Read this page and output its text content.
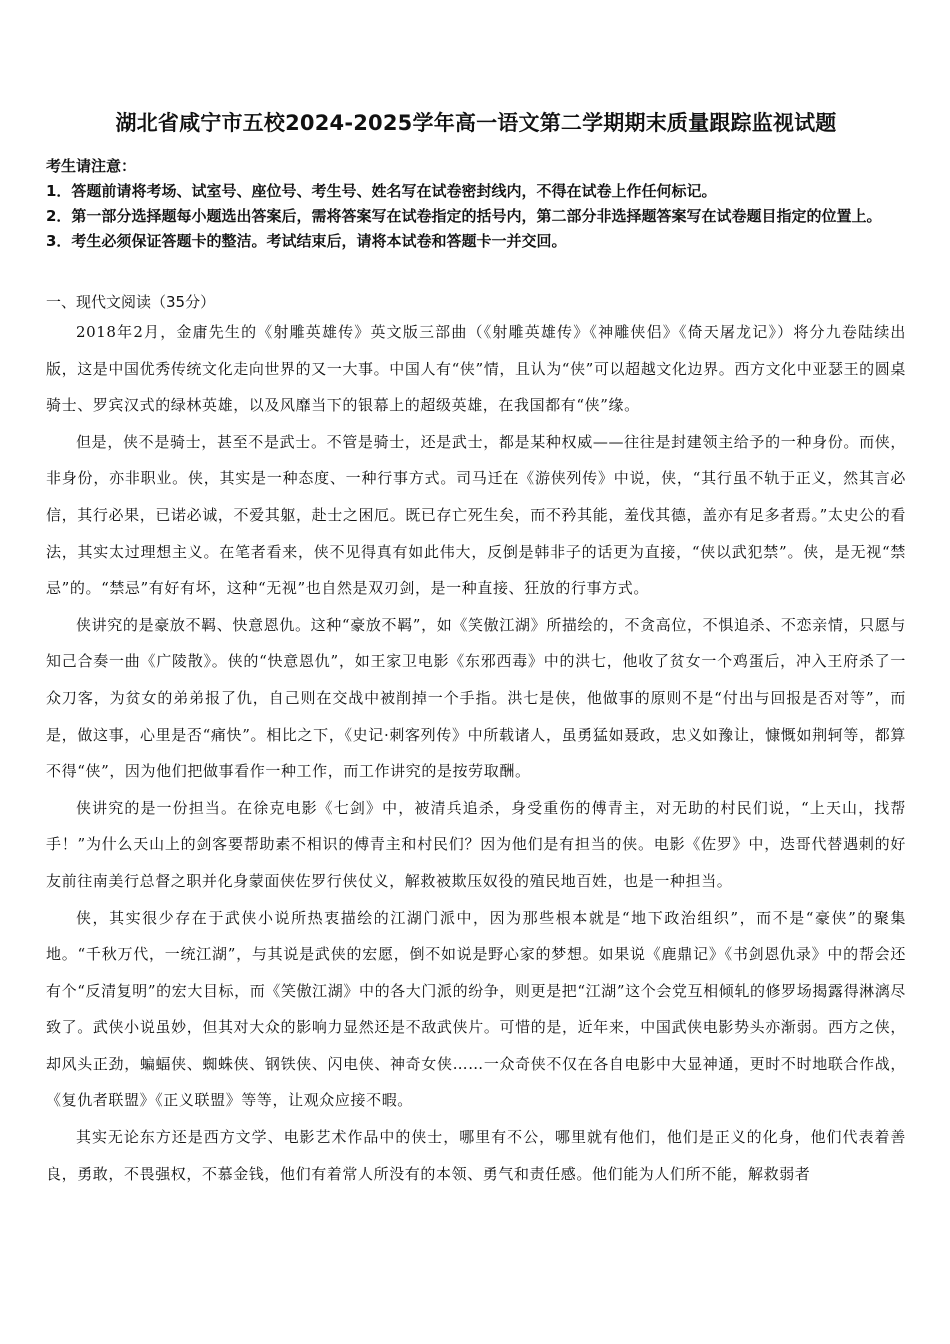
湖北省咸宁市五校2024-2025学年高一语文第二学期期末质量跟踪监视试题

考生请注意：

1．答题前请将考场、试室号、座位号、考生号、姓名写在试卷密封线内，不得在试卷上作任何标记。

2．第一部分选择题每小题选出答案后，需将答案写在试卷指定的括号内，第二部分非选择题答案写在试卷题目指定的位置上。

3．考生必须保证答题卡的整洁。考试结束后，请将本试卷和答题卡一并交回。

一、现代文阅读（35分）

2018年2月，金庸先生的《射雕英雄传》英文版三部曲（《射雕英雄传》《神雕侠侣》《倚天屠龙记》）将分九卷陆续出版，这是中国优秀传统文化走向世界的又一大事。中国人有“侠”情，且认为“侠”可以超越文化边界。西方文化中亚瑟王的圆桌骑士、罗宾汉式的绿林英雄，以及风靡当下的银幕上的超级英雄，在我国都有“侠”缘。

但是，侠不是骑士，甚至不是武士。不管是骑士，还是武士，都是某种权威——往往是封建领主给予的一种身份。而侠，非身份，亦非职业。侠，其实是一种态度、一种行事方式。司马迁在《游侠列传》中说，侠，“其行虽不轨于正义，然其言必信，其行必果，已诺必诚，不爱其躯，赴士之困厄。既已存亡死生矣，而不矜其能，羞伐其德，盖亦有足多者焉。”太史公的看法，其实太过理想主义。在笔者看来，侠不见得真有如此伟大，反倒是韩非子的话更为直接，“侠以武犯禁”。侠，是无视“禁忌”的。“禁忌”有好有坏，这种“无视”也自然是双刃剑，是一种直接、狂放的行事方式。

侠讲究的是豪放不羁、快意恩仇。这种“豪放不羁”，如《笑傲江湖》所描绘的，不贪高位，不惧追杀、不恋亲情，只愿与知己合奏一曲《广陵散》。侠的“快意恩仇”，如王家卫电影《东邪西毒》中的洪七，他收了贫女一个鸡蛋后，冲入王府杀了一众刀客，为贫女的弟弟报了仇，自己则在交战中被削掉一个手指。洪七是侠，他做事的原则不是“付出与回报是否对等”，而是，做这事，心里是否“痛快”。相比之下，《史记·刺客列传》中所载诸人，虽勇猛如聂政，忠义如豫让，慷慨如荆轲等，都算不得“侠”，因为他们把做事看作一种工作，而工作讲究的是按劳取酬。

侠讲究的是一份担当。在徐克电影《七剑》中，被清兵追杀，身受重伤的傅青主，对无助的村民们说，“上天山，找帮手！”为什么天山上的剑客要帮助素不相识的傅青主和村民们？因为他们是有担当的侠。电影《佐罗》中，迭哥代替遇刺的好友前往南美行总督之职并化身蒙面侠佐罗行侠仗义，解救被欺压奴役的殖民地百姓，也是一种担当。

侠，其实很少存在于武侠小说所热衷描绘的江湖门派中，因为那些根本就是“地下政治组织”，而不是“豪侠”的聚集地。“千秋万代，一统江湖”，与其说是武侠的宏愿，倒不如说是野心家的梦想。如果说《鹿鼎记》《书剑恩仇录》中的帮会还有个“反清复明”的宏大目标，而《笑傲江湖》中的各大门派的纷争，则更是把“江湖”这个会党互相倾轧的修罗场揭露得淋漓尽致了。武侠小说虽妙，但其对大众的影响力显然还是不敌武侠片。可惜的是，近年来，中国武侠电影势头亦渐弱。西方之侠，却风头正劲，蝙蝠侠、蜘蛛侠、钢铁侠、闪电侠、神奇女侠……一众奇侠不仅在各自电影中大显神通，更时不时地联合作战，《复仇者联盟》《正义联盟》等等，让观众应接不暇。

其实无论东方还是西方文学、电影艺术作品中的侠士，哪里有不公，哪里就有他们，他们是正义的化身，他们代表着善良，勇敢，不畏强权，不慕金钱，他们有着常人所没有的本领、勇气和责任感。他们能为人们所不能，解救弱者
